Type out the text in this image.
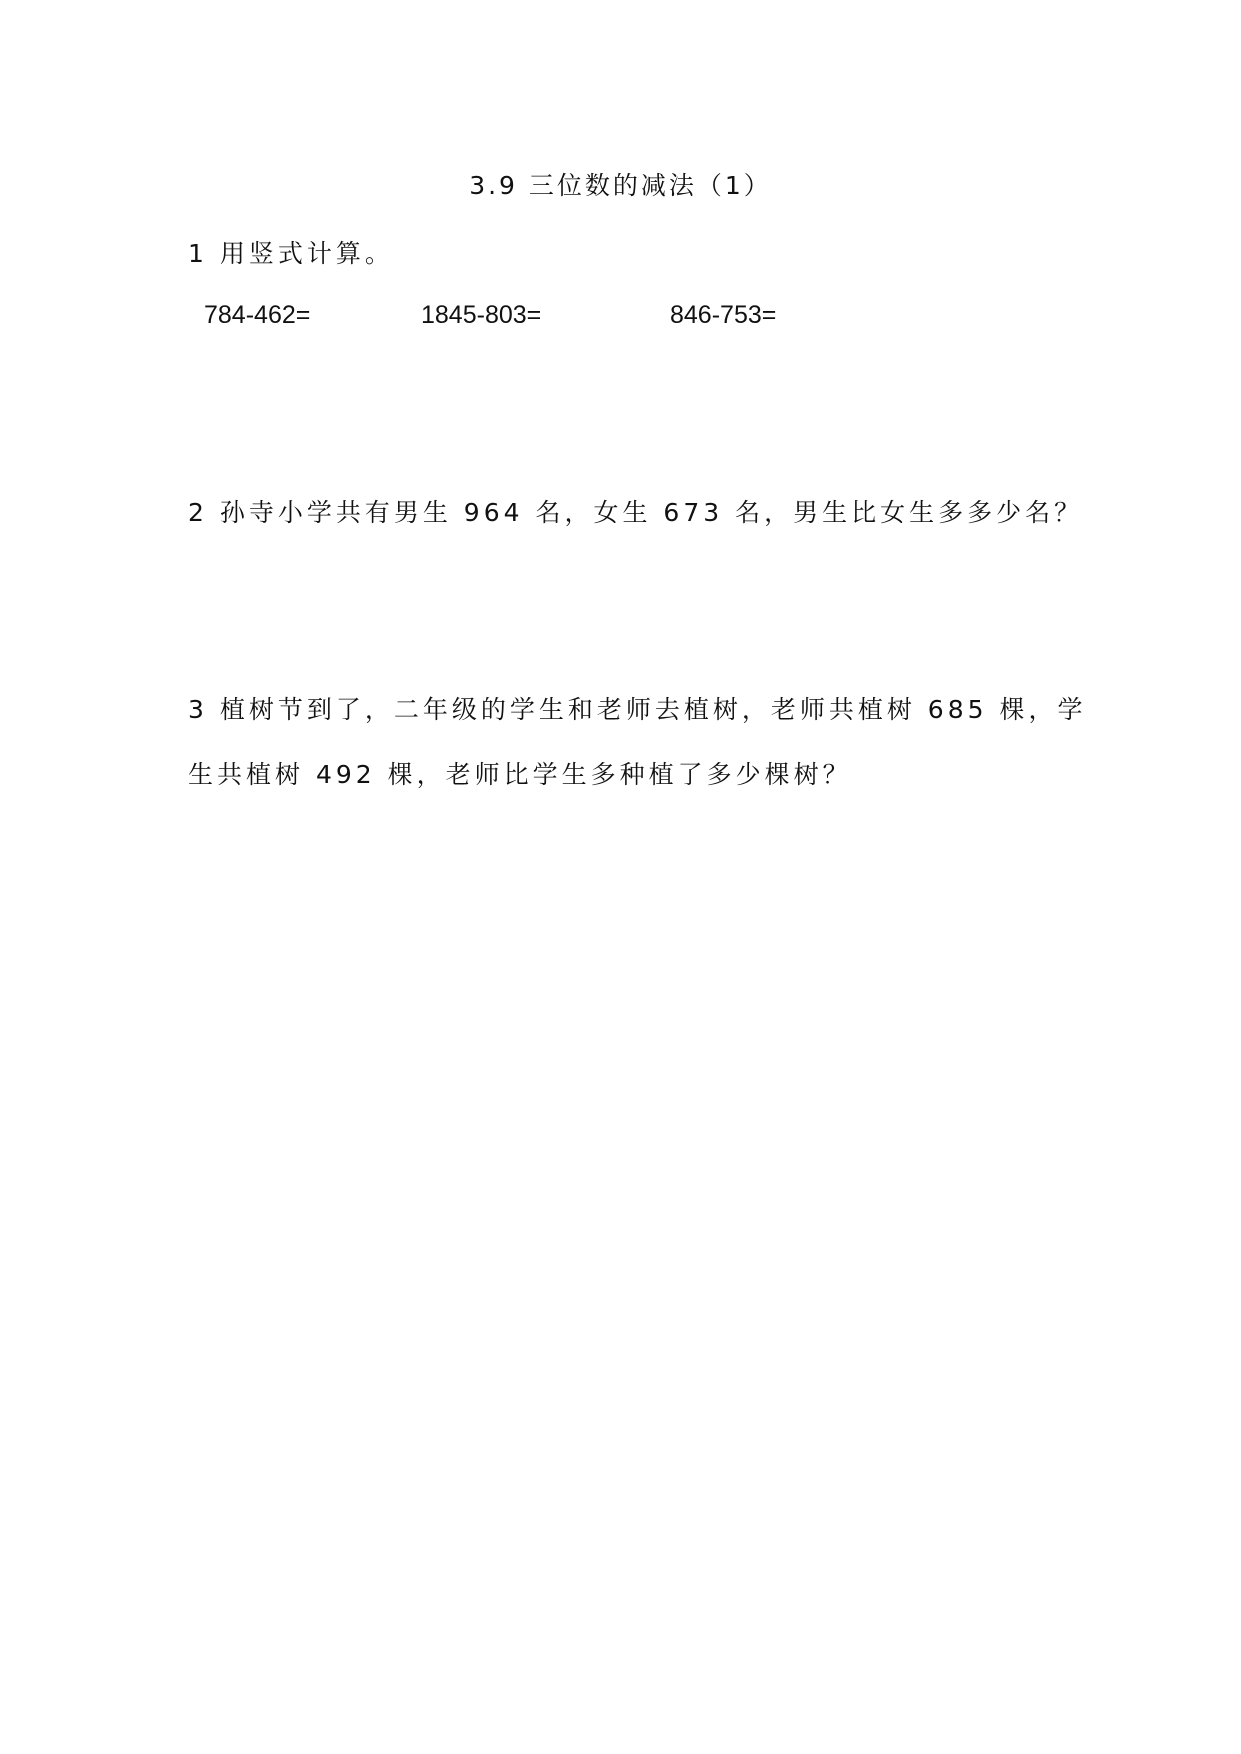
3.9 三位数的减法（1）
1 用竖式计算。
784-462=	1845-803=	846-753=
2 孙寺小学共有男生 964 名，女生 673 名，男生比女生多多少名？
3 植树节到了，二年级的学生和老师去植树，老师共植树 685 棵，学
生共植树 492 棵，老师比学生多种植了多少棵树？
